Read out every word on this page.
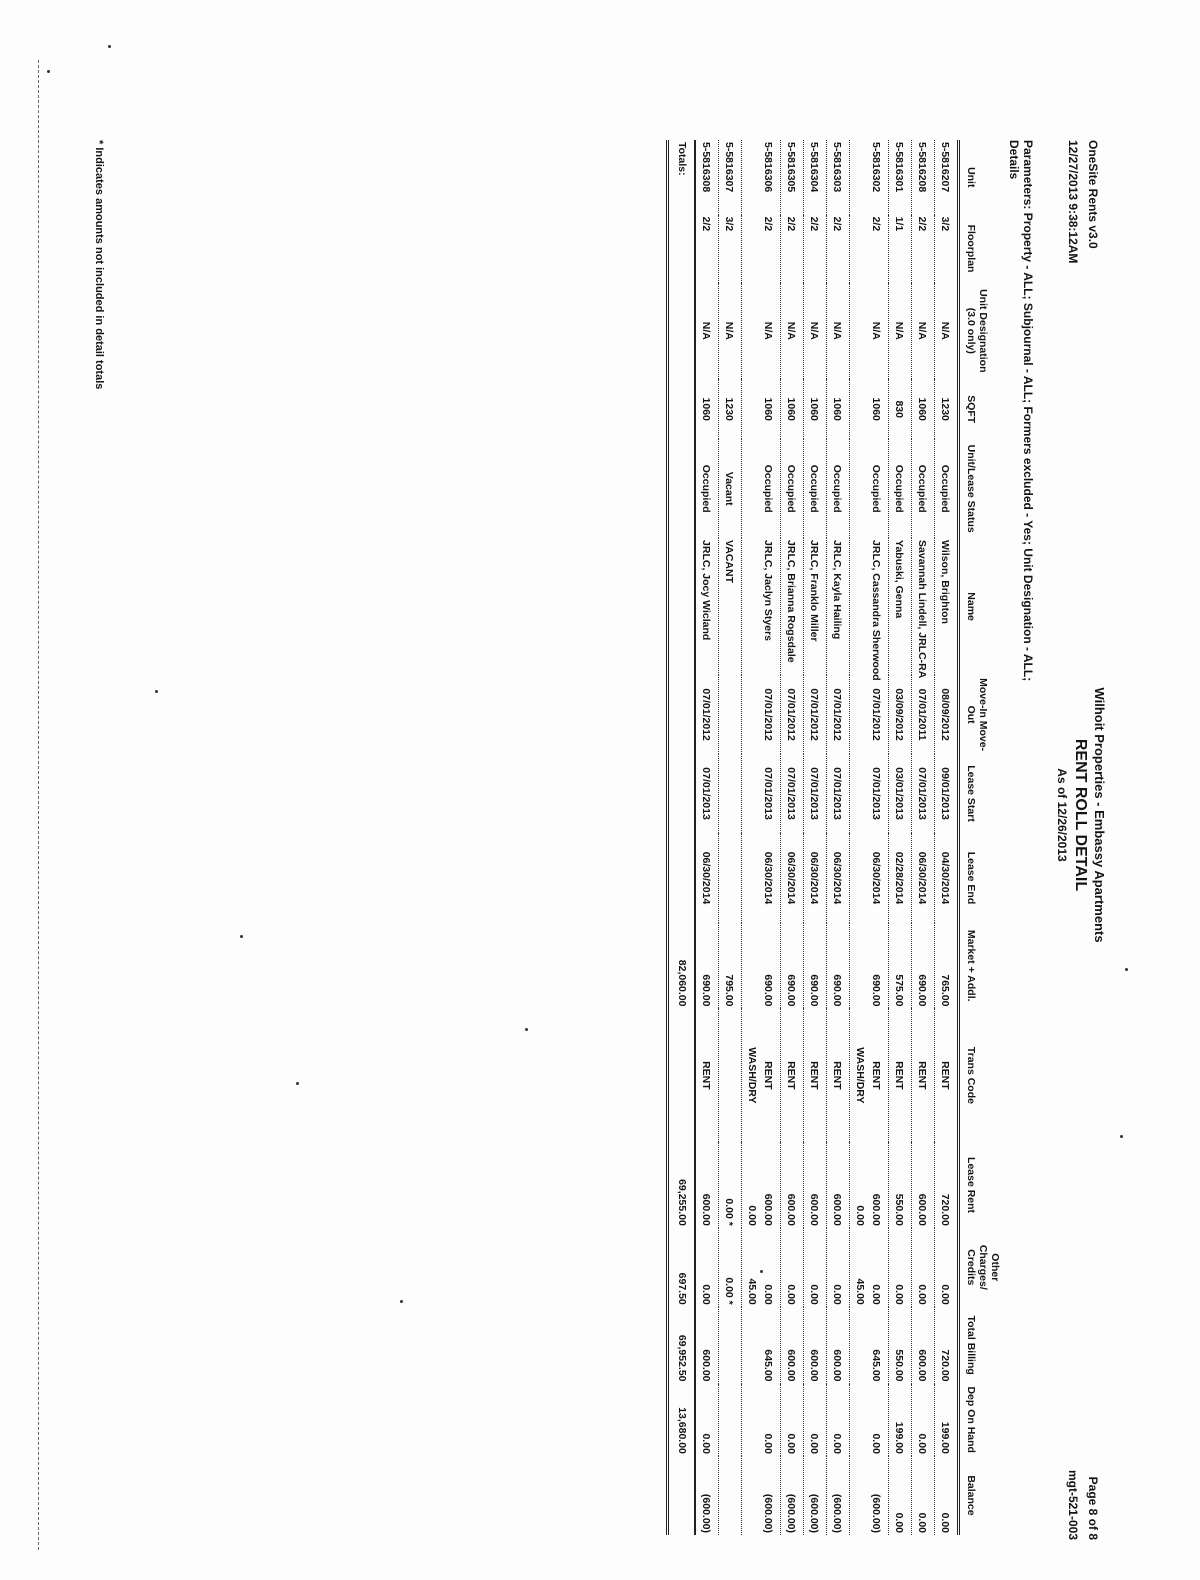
OneSite Rents v3.0
12/27/2013 9:38:12AM
Wilhoit Properties - Embassy Apartments
RENT ROLL DETAIL
As of 12/26/2013
Page 8 of 8
mgt-521-003
Parameters: Property - ALL; Subjournal - ALL; Formers excluded - Yes; Unit Designation - ALL;
Details
Unit	Floorplan	Unit Designation (3.0 only)	SQFT	Unit/Lease Status	Name	Move-In Move-Out	Lease Start	Lease End	Market + Addl.	Trans Code	Lease Rent	Other Charges/ Credits	Total Billing	Dep On Hand	Balance
5-5816207	3/2	N/A	1230	Occupied	Wilson, Brighton	08/09/2012	09/01/2013	04/30/2014	765.00	RENT	720.00	0.00	720.00	199.00	0.00
5-5816208	2/2	N/A	1060	Occupied	Savannah Lindell, JRLC-RA	07/01/2011	07/01/2013	06/30/2014	690.00	RENT	600.00	0.00	600.00	0.00	0.00
5-5816301	1/1	N/A	830	Occupied	Yabuski, Genna	03/09/2012	03/01/2013	02/28/2014	575.00	RENT	550.00	0.00	550.00	199.00	0.00
5-5816302	2/2	N/A	1060	Occupied	JRLC, Cassandra Sherwood	07/01/2012	07/01/2013	06/30/2014	690.00	RENT	600.00	0.00	645.00	0.00	(600.00)
										WASH/DRY	0.00	45.00			
5-5816303	2/2	N/A	1060	Occupied	JRLC, Kayla Hailing	07/01/2012	07/01/2013	06/30/2014	690.00	RENT	600.00	0.00	600.00	0.00	(600.00)
5-5816304	2/2	N/A	1060	Occupied	JRLC, Franklo Miller	07/01/2012	07/01/2013	06/30/2014	690.00	RENT	600.00	0.00	600.00	0.00	(600.00)
5-5816305	2/2	N/A	1060	Occupied	JRLC, Brianna Rogsdale	07/01/2012	07/01/2013	06/30/2014	690.00	RENT	600.00	0.00	600.00	0.00	(600.00)
5-5816306	2/2	N/A	1060	Occupied	JRLC, Jaclyn Styers	07/01/2012	07/01/2013	06/30/2014	690.00	RENT	600.00	0.00	645.00	0.00	(600.00)
										WASH/DRY	0.00	45.00			
5-5816307	3/2	N/A	1230	Vacant	VACANT				795.00		0.00 *	0.00 *			
5-5816308	2/2	N/A	1060	Occupied	JRLC, Jocy Wicland	07/01/2012	07/01/2013	06/30/2014	690.00	RENT	600.00	0.00	600.00	0.00	(600.00)
Totals:									82,060.00		69,255.00	697.50	69,952.50	13,680.00	
* Indicates amounts not included in detail totals
